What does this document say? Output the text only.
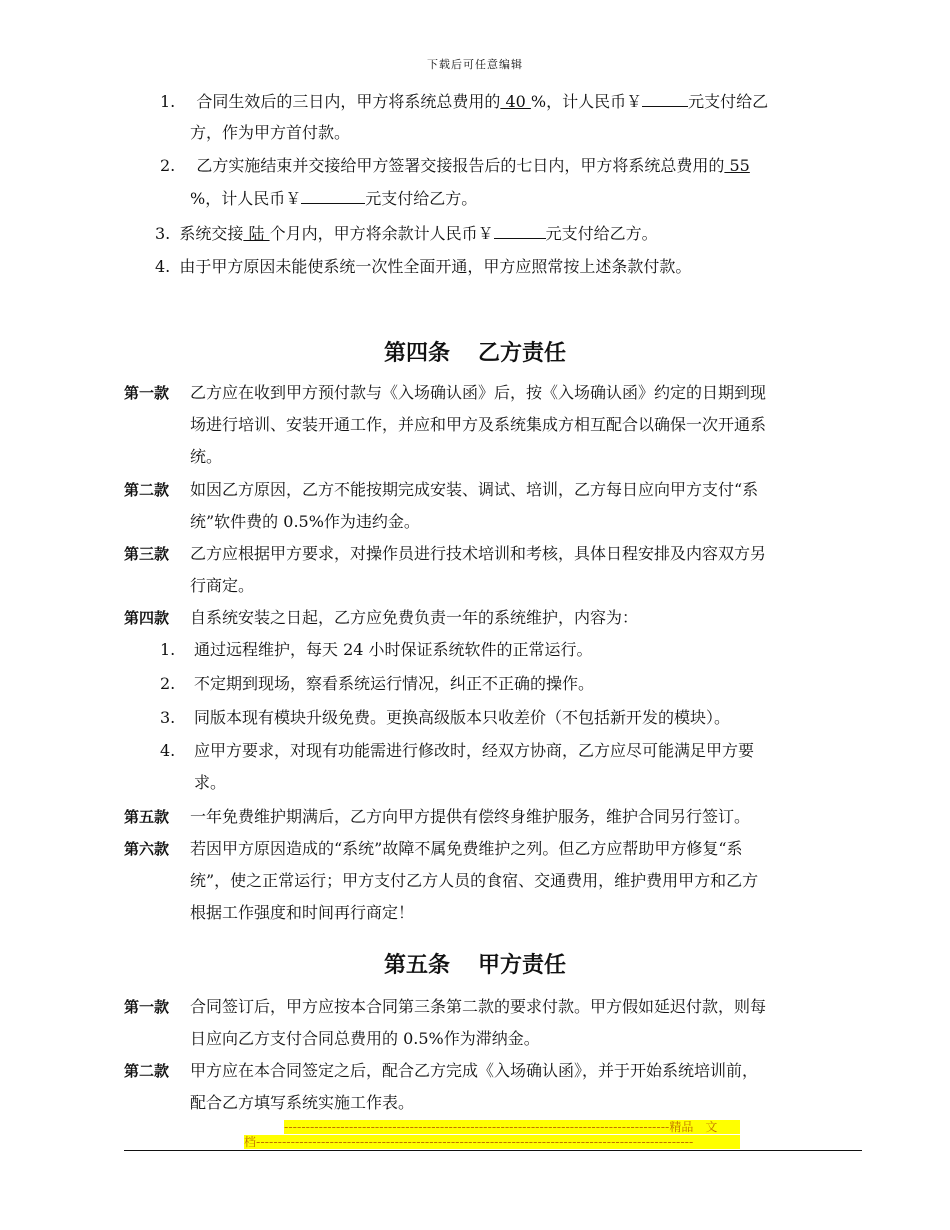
下载后可任意编辑
1. 合同生效后的三日内，甲方将系统总费用的 40 %，计人民币￥	元支付给乙
方，作为甲方首付款。
2. 乙方实施结束并交接给甲方签署交接报告后的七日内，甲方将系统总费用的 55
%，计人民币￥	元支付给乙方。
3. 系统交接 陆 个月内，甲方将余款计人民币￥	元支付给乙方。
4. 由于甲方原因未能使系统一次性全面开通，甲方应照常按上述条款付款。
第四条 乙方责任
第一款 乙方应在收到甲方预付款与《入场确认函》后，按《入场确认函》约定的日期到现
场进行培训、安装开通工作，并应和甲方及系统集成方相互配合以确保一次开通系
统。
第二款 如因乙方原因，乙方不能按期完成安装、调试、培训，乙方每日应向甲方支付“系
统”软件费的 0.5%作为违约金。
第三款 乙方应根据甲方要求，对操作员进行技术培训和考核，具体日程安排及内容双方另
行商定。
第四款 自系统安装之日起，乙方应免费负责一年的系统维护，内容为：
1. 通过远程维护，每天 24 小时保证系统软件的正常运行。
2. 不定期到现场，察看系统运行情况，纠正不正确的操作。
3. 同版本现有模块升级免费。更换高级版本只收差价（不包括新开发的模块）。
4. 应甲方要求，对现有功能需进行修改时，经双方协商，乙方应尽可能满足甲方要
求。
第五款 一年免费维护期满后，乙方向甲方提供有偿终身维护服务，维护合同另行签订。
第六款 若因甲方原因造成的“系统”故障不属免费维护之列。但乙方应帮助甲方修复“系
统”，使之正常运行；甲方支付乙方人员的食宿、交通费用，维护费用甲方和乙方
根据工作强度和时间再行商定！
第五条 甲方责任
第一款 合同签订后，甲方应按本合同第三条第二款的要求付款。甲方假如延迟付款，则每
日应向乙方支付合同总费用的 0.5%作为滞纳金。
第二款 甲方应在本合同签定之后，配合乙方完成《入场确认函》，并于开始系统培训前，
配合乙方填写系统实施工作表。
-----------------------------------------------------------------------------------------精品　文
档-----------------------------------------------------------------------------------------------------
